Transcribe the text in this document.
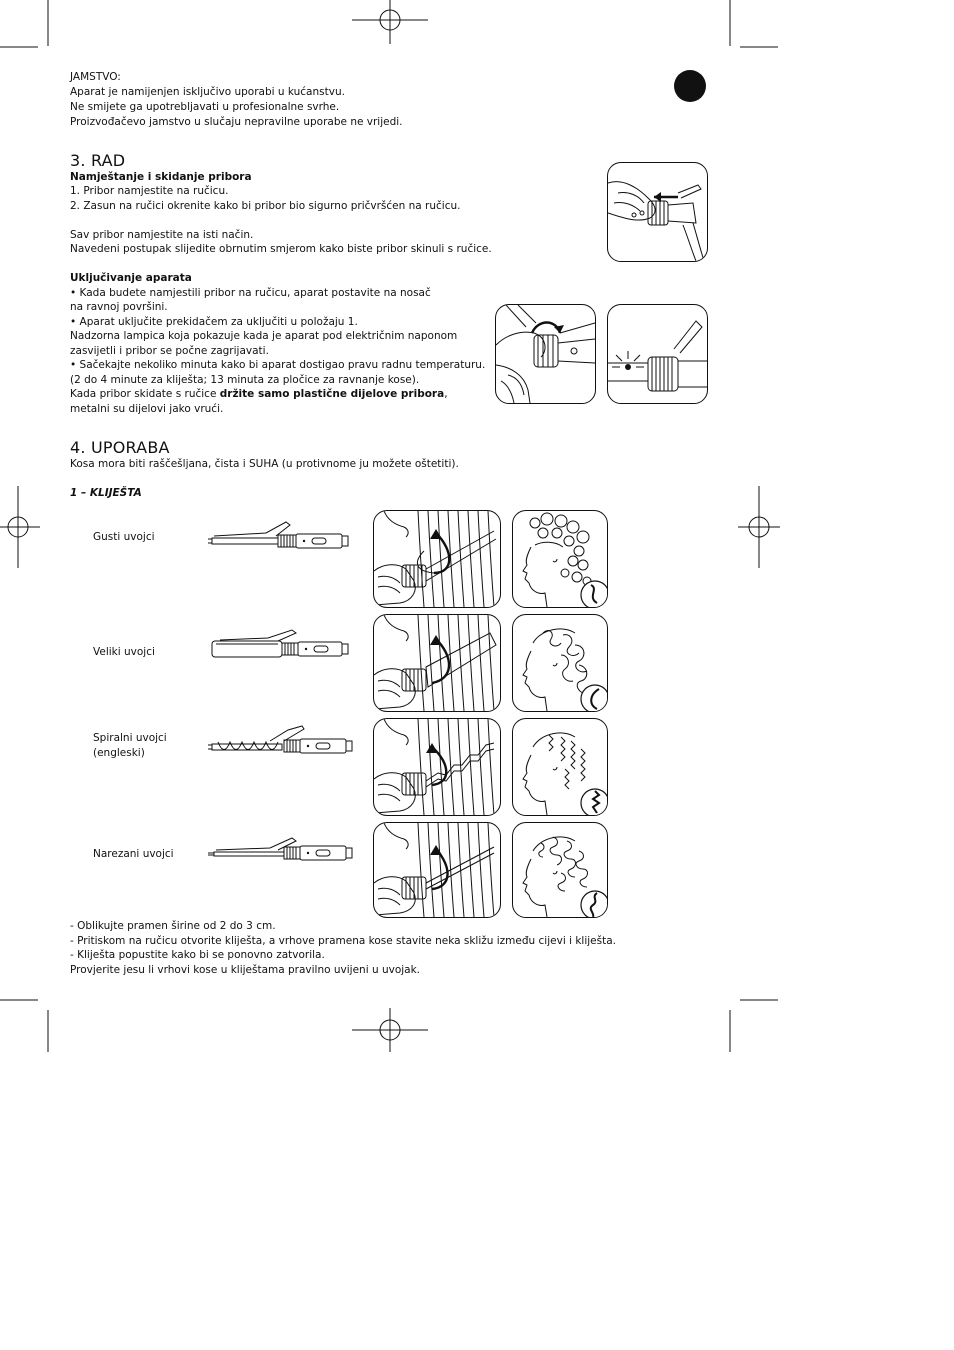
JAMSTVO:
Aparat je namijenjen isključivo uporabi u kućanstvu.
Ne smijete ga upotrebljavati u profesionalne svrhe.
Proizvođačevo jamstvo u slučaju nepravilne uporabe ne vrijedi.
3. RAD
Namještanje i skidanje pribora
1. Pribor namjestite na ručicu.
2. Zasun na ručici okrenite kako bi pribor bio sigurno pričvršćen na ručicu.
Sav pribor namjestite na isti način.
Navedeni postupak slijedite obrnutim smjerom kako biste pribor skinuli s ručice.
Uključivanje aparata
• Kada budete namjestili pribor na ručicu, aparat postavite na nosač
na ravnoj površini.
• Aparat uključite prekidačem za uključiti u položaju 1.
Nadzorna lampica koja pokazuje kada je aparat pod električnim naponom
zasvijetli i pribor se počne zagrijavati.
• Sačekajte nekoliko minuta kako bi aparat dostigao pravu radnu temperaturu.
(2 do 4 minute za kliješta; 13 minuta za pločice za ravnanje kose).
Kada pribor skidate s ručice držite samo plastične dijelove pribora,
metalni su dijelovi jako vrući.
4. UPORABA
Kosa mora biti raščešljana, čista i SUHA (u protivnome ju možete oštetiti).
1 – KLIJEŠTA
Gusti uvojci
Veliki uvojci
Spiralni uvojci
(engleski)
Narezani uvojci
- Oblikujte pramen širine od 2 do 3 cm.
- Pritiskom na ručicu otvorite kliješta, a vrhove pramena kose stavite neka skližu između cijevi i kliješta.
- Kliješta popustite kako bi se ponovno zatvorila.
Provjerite jesu li vrhovi kose u kliještama pravilno uvijeni u uvojak.
